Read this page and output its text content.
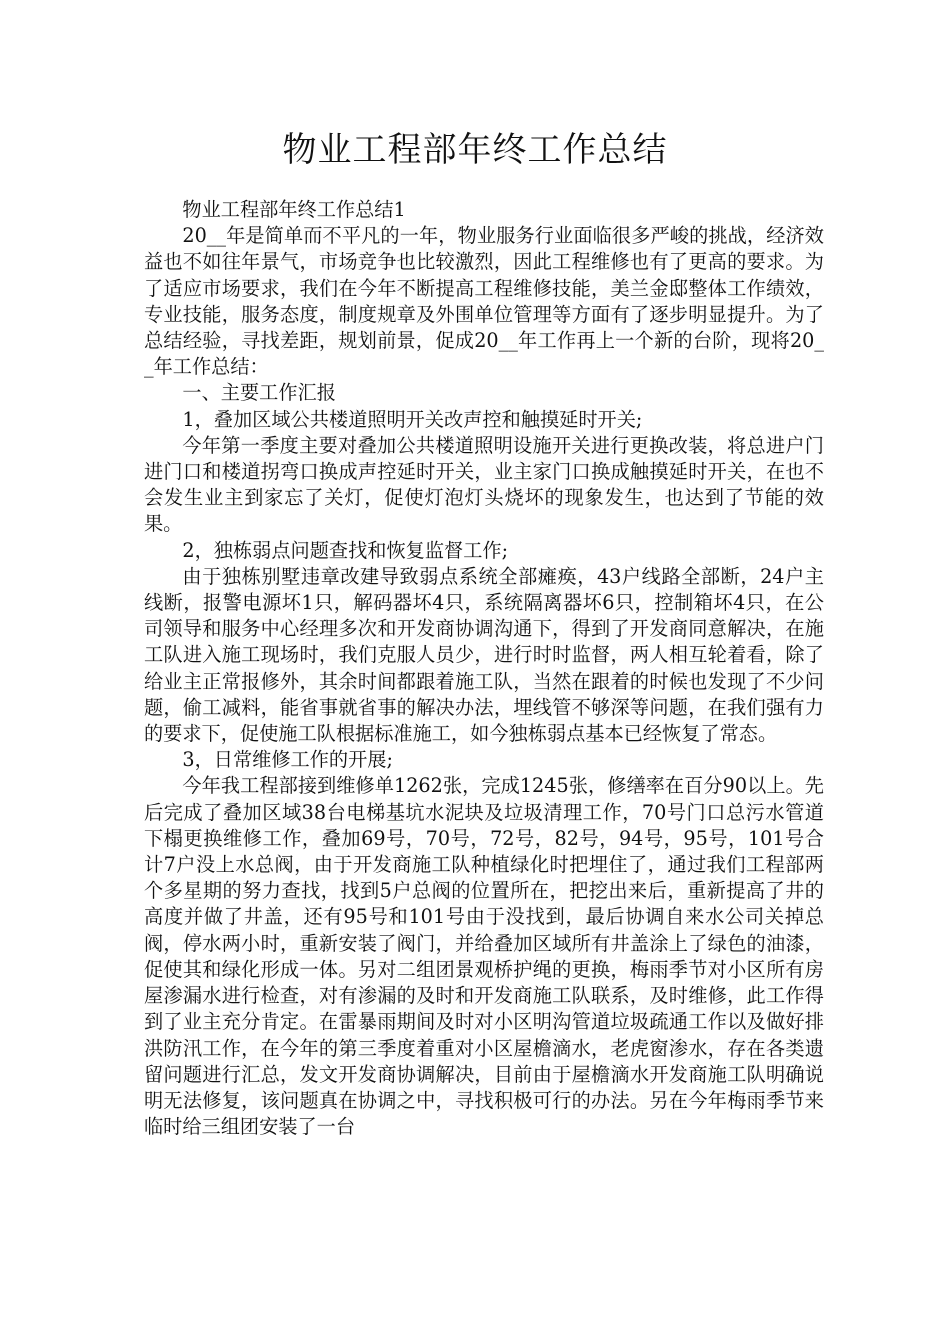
物业工程部年终工作总结

物业工程部年终工作总结1

20__年是简单而不平凡的一年，物业服务行业面临很多严峻的挑战，经济效益也不如往年景气，市场竞争也比较激烈，因此工程维修也有了更高的要求。为了适应市场要求，我们在今年不断提高工程维修技能，美兰金邸整体工作绩效，专业技能，服务态度，制度规章及外围单位管理等方面有了逐步明显提升。为了总结经验，寻找差距，规划前景，促成20__年工作再上一个新的台阶，现将20__年工作总结：

一、主要工作汇报

1，叠加区域公共楼道照明开关改声控和触摸延时开关;

今年第一季度主要对叠加公共楼道照明设施开关进行更换改装，将总进户门进门口和楼道拐弯口换成声控延时开关，业主家门口换成触摸延时开关，在也不会发生业主到家忘了关灯，促使灯泡灯头烧坏的现象发生，也达到了节能的效果。

2，独栋弱点问题查找和恢复监督工作;

由于独栋别墅违章改建导致弱点系统全部瘫痪，43户线路全部断，24户主线断，报警电源坏1只，解码器坏4只，系统隔离器坏6只，控制箱坏4只，在公司领导和服务中心经理多次和开发商协调沟通下，得到了开发商同意解决，在施工队进入施工现场时，我们克服人员少，进行时时监督，两人相互轮着看，除了给业主正常报修外，其余时间都跟着施工队，当然在跟着的时候也发现了不少问题，偷工减料，能省事就省事的解决办法，埋线管不够深等问题，在我们强有力的要求下，促使施工队根据标准施工，如今独栋弱点基本已经恢复了常态。

3，日常维修工作的开展;

今年我工程部接到维修单1262张，完成1245张，修缮率在百分90以上。先后完成了叠加区域38台电梯基坑水泥块及垃圾清理工作，70号门口总污水管道下榻更换维修工作，叠加69号，70号，72号，82号，94号，95号，101号合计7户没上水总阀，由于开发商施工队种植绿化时把埋住了，通过我们工程部两个多星期的努力查找，找到5户总阀的位置所在，把挖出来后，重新提高了井的高度并做了井盖，还有95号和101号由于没找到，最后协调自来水公司关掉总阀，停水两小时，重新安装了阀门，并给叠加区域所有井盖涂上了绿色的油漆，促使其和绿化形成一体。另对二组团景观桥护绳的更换，梅雨季节对小区所有房屋渗漏水进行检查，对有渗漏的及时和开发商施工队联系，及时维修，此工作得到了业主充分肯定。在雷暴雨期间及时对小区明沟管道垃圾疏通工作以及做好排洪防汛工作，在今年的第三季度着重对小区屋檐滴水，老虎窗渗水，存在各类遗留问题进行汇总，发文开发商协调解决，目前由于屋檐滴水开发商施工队明确说明无法修复，该问题真在协调之中，寻找积极可行的办法。另在今年梅雨季节来临时给三组团安装了一台
